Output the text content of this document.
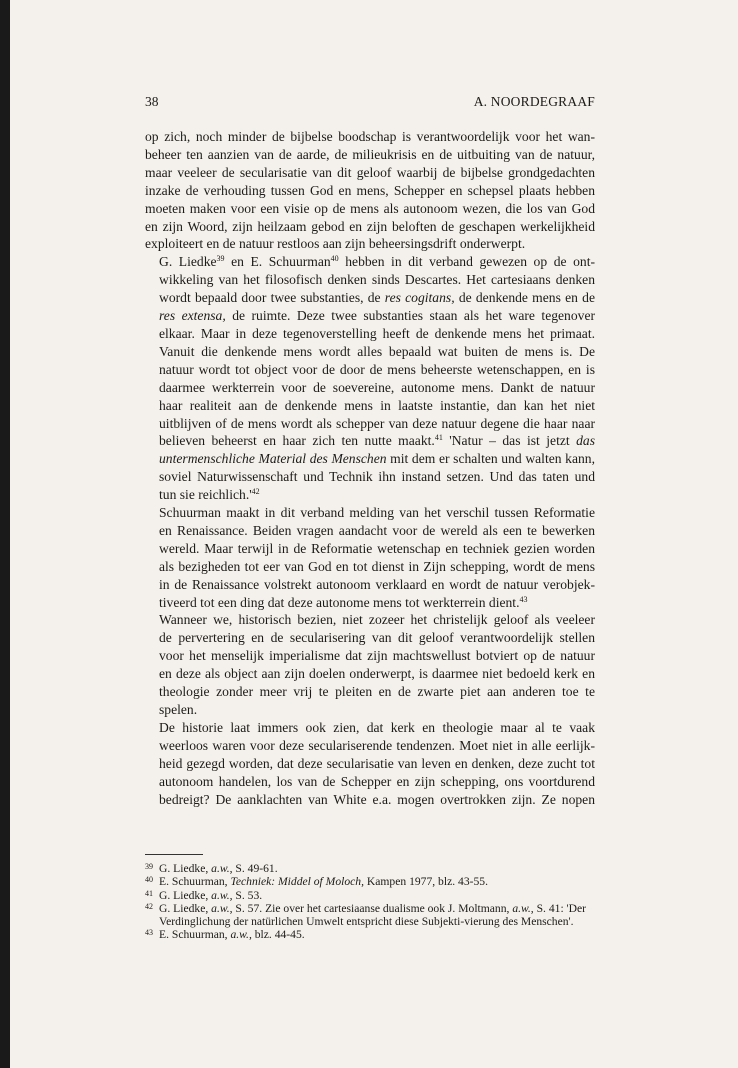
38	A. NOORDEGRAAF

op zich, noch minder de bijbelse boodschap is verantwoordelijk voor het wan-
beheer ten aanzien van de aarde, de milieukrisis en de uitbuiting van de natuur,
maar veeleer de secularisatie van dit geloof waarbij de bijbelse grondgedachten
inzake de verhouding tussen God en mens, Schepper en schepsel plaats hebben
moeten maken voor een visie op de mens als autonoom wezen, die los van God
en zijn Woord, zijn heilzaam gebod en zijn beloften de geschapen werkelijkheid
exploiteert en de natuur restloos aan zijn beheersingsdrift onderwerpt.

G. Liedke$^{39}$ en E. Schuurman$^{40}$ hebben in dit verband gewezen op de ont-
wikkeling van het filosofisch denken sinds Descartes. Het cartesiaans denken
wordt bepaald door twee substanties, de res cogitans, de denkende mens en de
res extensa, de ruimte. Deze twee substanties staan als het ware tegenover
elkaar. Maar in deze tegenoverstelling heeft de denkende mens het primaat.
Vanuit die denkende mens wordt alles bepaald wat buiten de mens is. De
natuur wordt tot object voor de door de mens beheerste wetenschappen, en is
daarmee werkterrein voor de soevereine, autonome mens. Dankt de natuur
haar realiteit aan de denkende mens in laatste instantie, dan kan het niet
uitblijven of de mens wordt als schepper van deze natuur degene die haar naar
believen beheerst en haar zich ten nutte maakt.$^{41}$ 'Natur – das ist jetzt das
untermenschliche Material des Menschen mit dem er schalten und walten kann,
soviel Naturwissenschaft und Technik ihn instand setzen. Und das taten und
tun sie $reichlich.'^{42}$

Schuurman maakt in dit verband melding van het verschil tussen Reformatie
en Renaissance. Beiden vragen aandacht voor de wereld als een te bewerken
wereld. Maar terwijl in de Reformatie wetenschap en techniek gezien worden
als bezigheden tot eer van God en tot dienst in Zijn schepping, wordt de mens
in de Renaissance volstrekt autonoom verklaard en wordt de natuur verobjek-
tiveerd tot een ding dat deze autonome mens tot werkterrein dient.$^{43}$

Wanneer we, historisch bezien, niet zozeer het christelijk geloof als veeleer
de pervertering en de secularisering van dit geloof verantwoordelijk stellen
voor het menselijk imperialisme dat zijn machtswellust botviert op de natuur
en deze als object aan zijn doelen onderwerpt, is daarmee niet bedoeld kerk en
theologie zonder meer vrij te pleiten en de zwarte piet aan anderen toe te
spelen.

De historie laat immers ook zien, dat kerk en theologie maar al te vaak
weerloos waren voor deze seculariserende tendenzen. Moet niet in alle eerlijk-
heid gezegd worden, dat deze secularisatie van leven en denken, deze zucht tot
autonoom handelen, los van de Schepper en zijn schepping, ons voortdurend
bedreigt? De aanklachten van White e.a. mogen overtrokken zijn. Ze nopen

39 G. Liedke, a.w., S. 49-61.
40 E. Schuurman, Techniek: Middel of Moloch, Kampen 1977, blz. 43-55.
41 G. Liedke, a.w., S. 53.
42 G. Liedke, a.w., S. 57. Zie over het cartesiaanse dualisme ook J. Moltmann, a.w., S. 41: 'Der Verdinglichung der natürlichen Umwelt entspricht diese Subjekti-vierung des Menschen'.
43 E. Schuurman, a.w., blz. 44-45.
